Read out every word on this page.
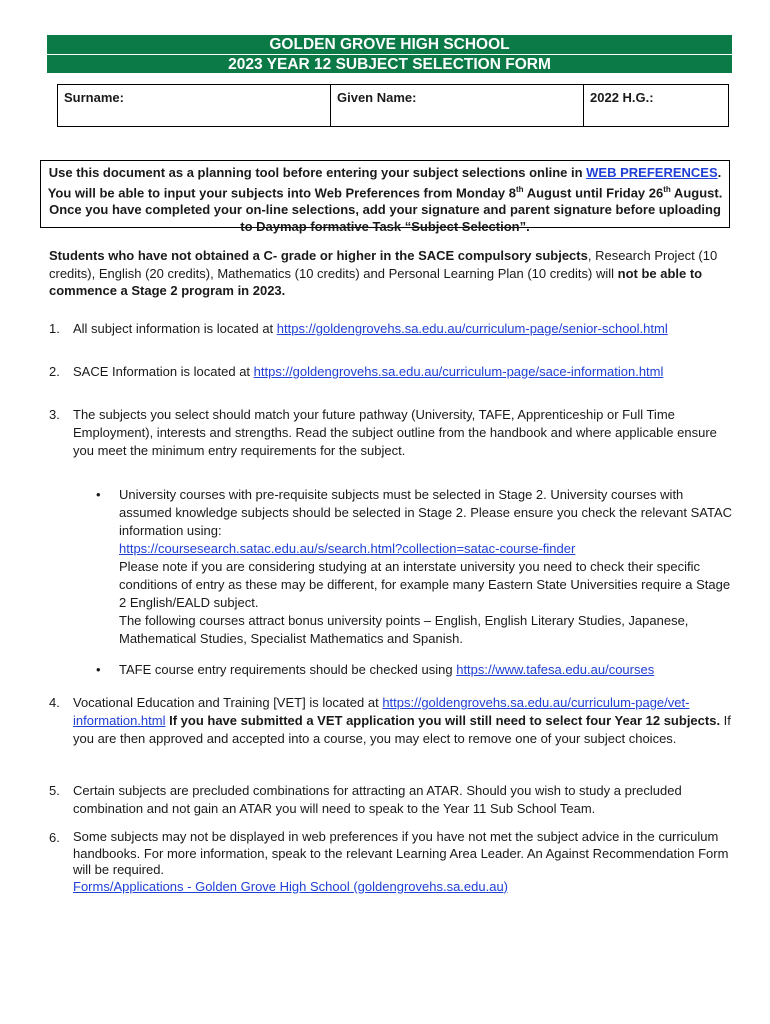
GOLDEN GROVE HIGH SCHOOL
2023 YEAR 12 SUBJECT SELECTION FORM
Surname:	Given Name:	2022 H.G.:
Use this document as a planning tool before entering your subject selections online in WEB PREFERENCES. You will be able to input your subjects into Web Preferences from Monday 8th August until Friday 26th August. Once you have completed your on-line selections, add your signature and parent signature before uploading to Daymap formative Task “Subject Selection”.
Students who have not obtained a C- grade or higher in the SACE compulsory subjects, Research Project (10 credits), English (20 credits), Mathematics (10 credits) and Personal Learning Plan (10 credits) will not be able to commence a Stage 2 program in 2023.
1. All subject information is located at https://goldengrovehs.sa.edu.au/curriculum-page/senior-school.html
2. SACE Information is located at https://goldengrovehs.sa.edu.au/curriculum-page/sace-information.html
3. The subjects you select should match your future pathway (University, TAFE, Apprenticeship or Full Time Employment), interests and strengths. Read the subject outline from the handbook and where applicable ensure you meet the minimum entry requirements for the subject.
• University courses with pre-requisite subjects must be selected in Stage 2. University courses with assumed knowledge subjects should be selected in Stage 2. Please ensure you check the relevant SATAC information using:
https://coursesearch.satac.edu.au/s/search.html?collection=satac-course-finder
Please note if you are considering studying at an interstate university you need to check their specific conditions of entry as these may be different, for example many Eastern State Universities require a Stage 2 English/EALD subject.
The following courses attract bonus university points – English, English Literary Studies, Japanese, Mathematical Studies, Specialist Mathematics and Spanish.
• TAFE course entry requirements should be checked using https://www.tafesa.edu.au/courses
4. Vocational Education and Training [VET] is located at https://goldengrovehs.sa.edu.au/curriculum-page/vet-information.html If you have submitted a VET application you will still need to select four Year 12 subjects. If you are then approved and accepted into a course, you may elect to remove one of your subject choices.
5. Certain subjects are precluded combinations for attracting an ATAR. Should you wish to study a precluded combination and not gain an ATAR you will need to speak to the Year 11 Sub School Team.
6. Some subjects may not be displayed in web preferences if you have not met the subject advice in the curriculum handbooks. For more information, speak to the relevant Learning Area Leader. An Against Recommendation Form will be required.
Forms/Applications - Golden Grove High School (goldengrovehs.sa.edu.au)
